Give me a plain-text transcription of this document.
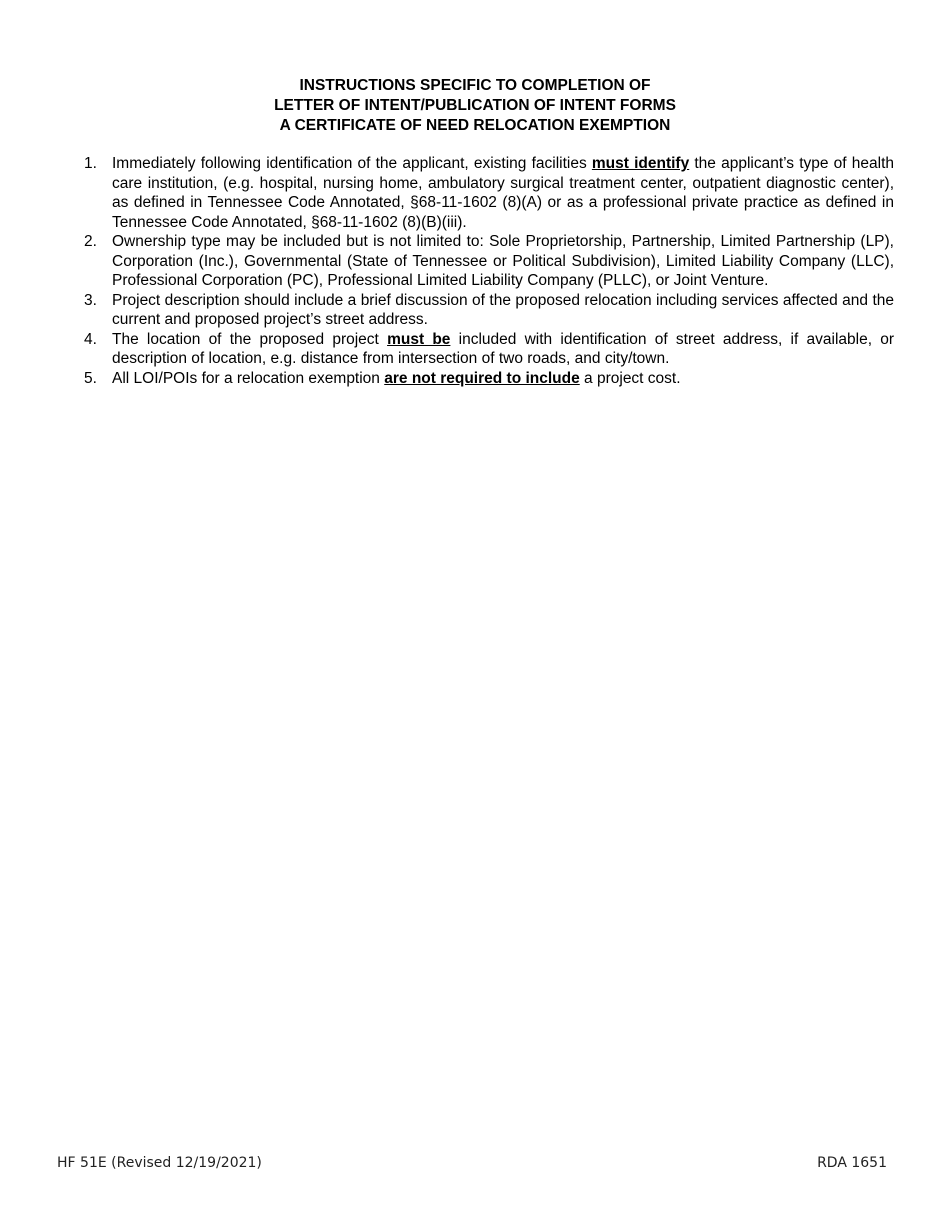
INSTRUCTIONS SPECIFIC TO COMPLETION OF
LETTER OF INTENT/PUBLICATION OF INTENT FORMS
A CERTIFICATE OF NEED RELOCATION EXEMPTION
1. Immediately following identification of the applicant, existing facilities must identify the applicant’s type of health care institution, (e.g. hospital, nursing home, ambulatory surgical treatment center, outpatient diagnostic center), as defined in Tennessee Code Annotated, §68-11-1602 (8)(A) or as a professional private practice as defined in Tennessee Code Annotated, §68-11-1602 (8)(B)(iii).
2. Ownership type may be included but is not limited to: Sole Proprietorship, Partnership, Limited Partnership (LP), Corporation (Inc.), Governmental (State of Tennessee or Political Subdivision), Limited Liability Company (LLC), Professional Corporation (PC), Professional Limited Liability Company (PLLC), or Joint Venture.
3. Project description should include a brief discussion of the proposed relocation including services affected and the current and proposed project’s street address.
4. The location of the proposed project must be included with identification of street address, if available, or description of location, e.g. distance from intersection of two roads, and city/town.
5. All LOI/POIs for a relocation exemption are not required to include a project cost.
HF 51E (Revised 12/19/2021)	RDA 1651
